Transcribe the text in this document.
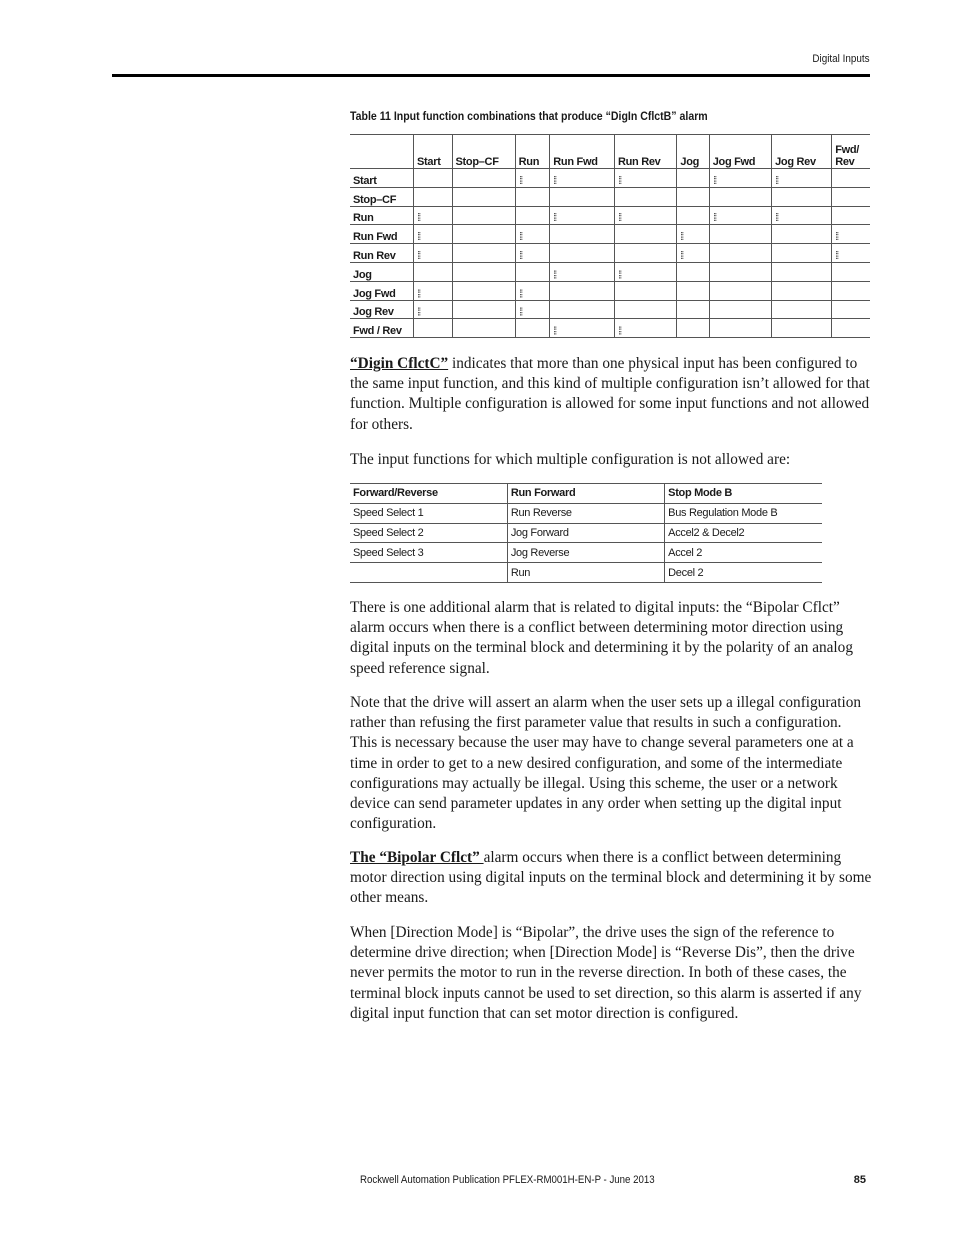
Digital Inputs
Table 11 Input function combinations that produce “DigIn CflctB” alarm
	Start	Stop–CF	Run	Run Fwd	Run Rev	Jog	Jog Fwd	Jog Rev	Fwd/
Rev
Start			⁞⁞	⁞⁞	⁞⁞		⁞⁞	⁞⁞	
Stop–CF									
Run	⁞⁞			⁞⁞	⁞⁞		⁞⁞	⁞⁞	
Run Fwd	⁞⁞		⁞⁞			⁞⁞			⁞⁞
Run Rev	⁞⁞		⁞⁞			⁞⁞			⁞⁞
Jog				⁞⁞	⁞⁞				
Jog Fwd	⁞⁞		⁞⁞						
Jog Rev	⁞⁞		⁞⁞						
Fwd / Rev				⁞⁞	⁞⁞				

“Digin CflctC” indicates that more than one physical input has been configured to the same input function, and this kind of multiple configuration isn’t allowed for that function. Multiple configuration is allowed for some input functions and not allowed for others.

The input functions for which multiple configuration is not allowed are:

Forward/Reverse	Run Forward	Stop Mode B
Speed Select 1	Run Reverse	Bus Regulation Mode B
Speed Select 2	Jog Forward	Accel2 & Decel2
Speed Select 3	Jog Reverse	Accel 2
	Run	Decel 2

There is one additional alarm that is related to digital inputs: the “Bipolar Cflct” alarm occurs when there is a conflict between determining motor direction using digital inputs on the terminal block and determining it by the polarity of an analog speed reference signal.

Note that the drive will assert an alarm when the user sets up a illegal configuration rather than refusing the first parameter value that results in such a configuration. This is necessary because the user may have to change several parameters one at a time in order to get to a new desired configuration, and some of the intermediate configurations may actually be illegal. Using this scheme, the user or a network device can send parameter updates in any order when setting up the digital input configuration.

The “Bipolar Cflct” alarm occurs when there is a conflict between determining motor direction using digital inputs on the terminal block and determining it by some other means.

When [Direction Mode] is “Bipolar”, the drive uses the sign of the reference to determine drive direction; when [Direction Mode] is “Reverse Dis”, then the drive never permits the motor to run in the reverse direction. In both of these cases, the terminal block inputs cannot be used to set direction, so this alarm is asserted if any digital input function that can set motor direction is configured.

Rockwell Automation Publication PFLEX-RM001H-EN-P - June 2013	85
